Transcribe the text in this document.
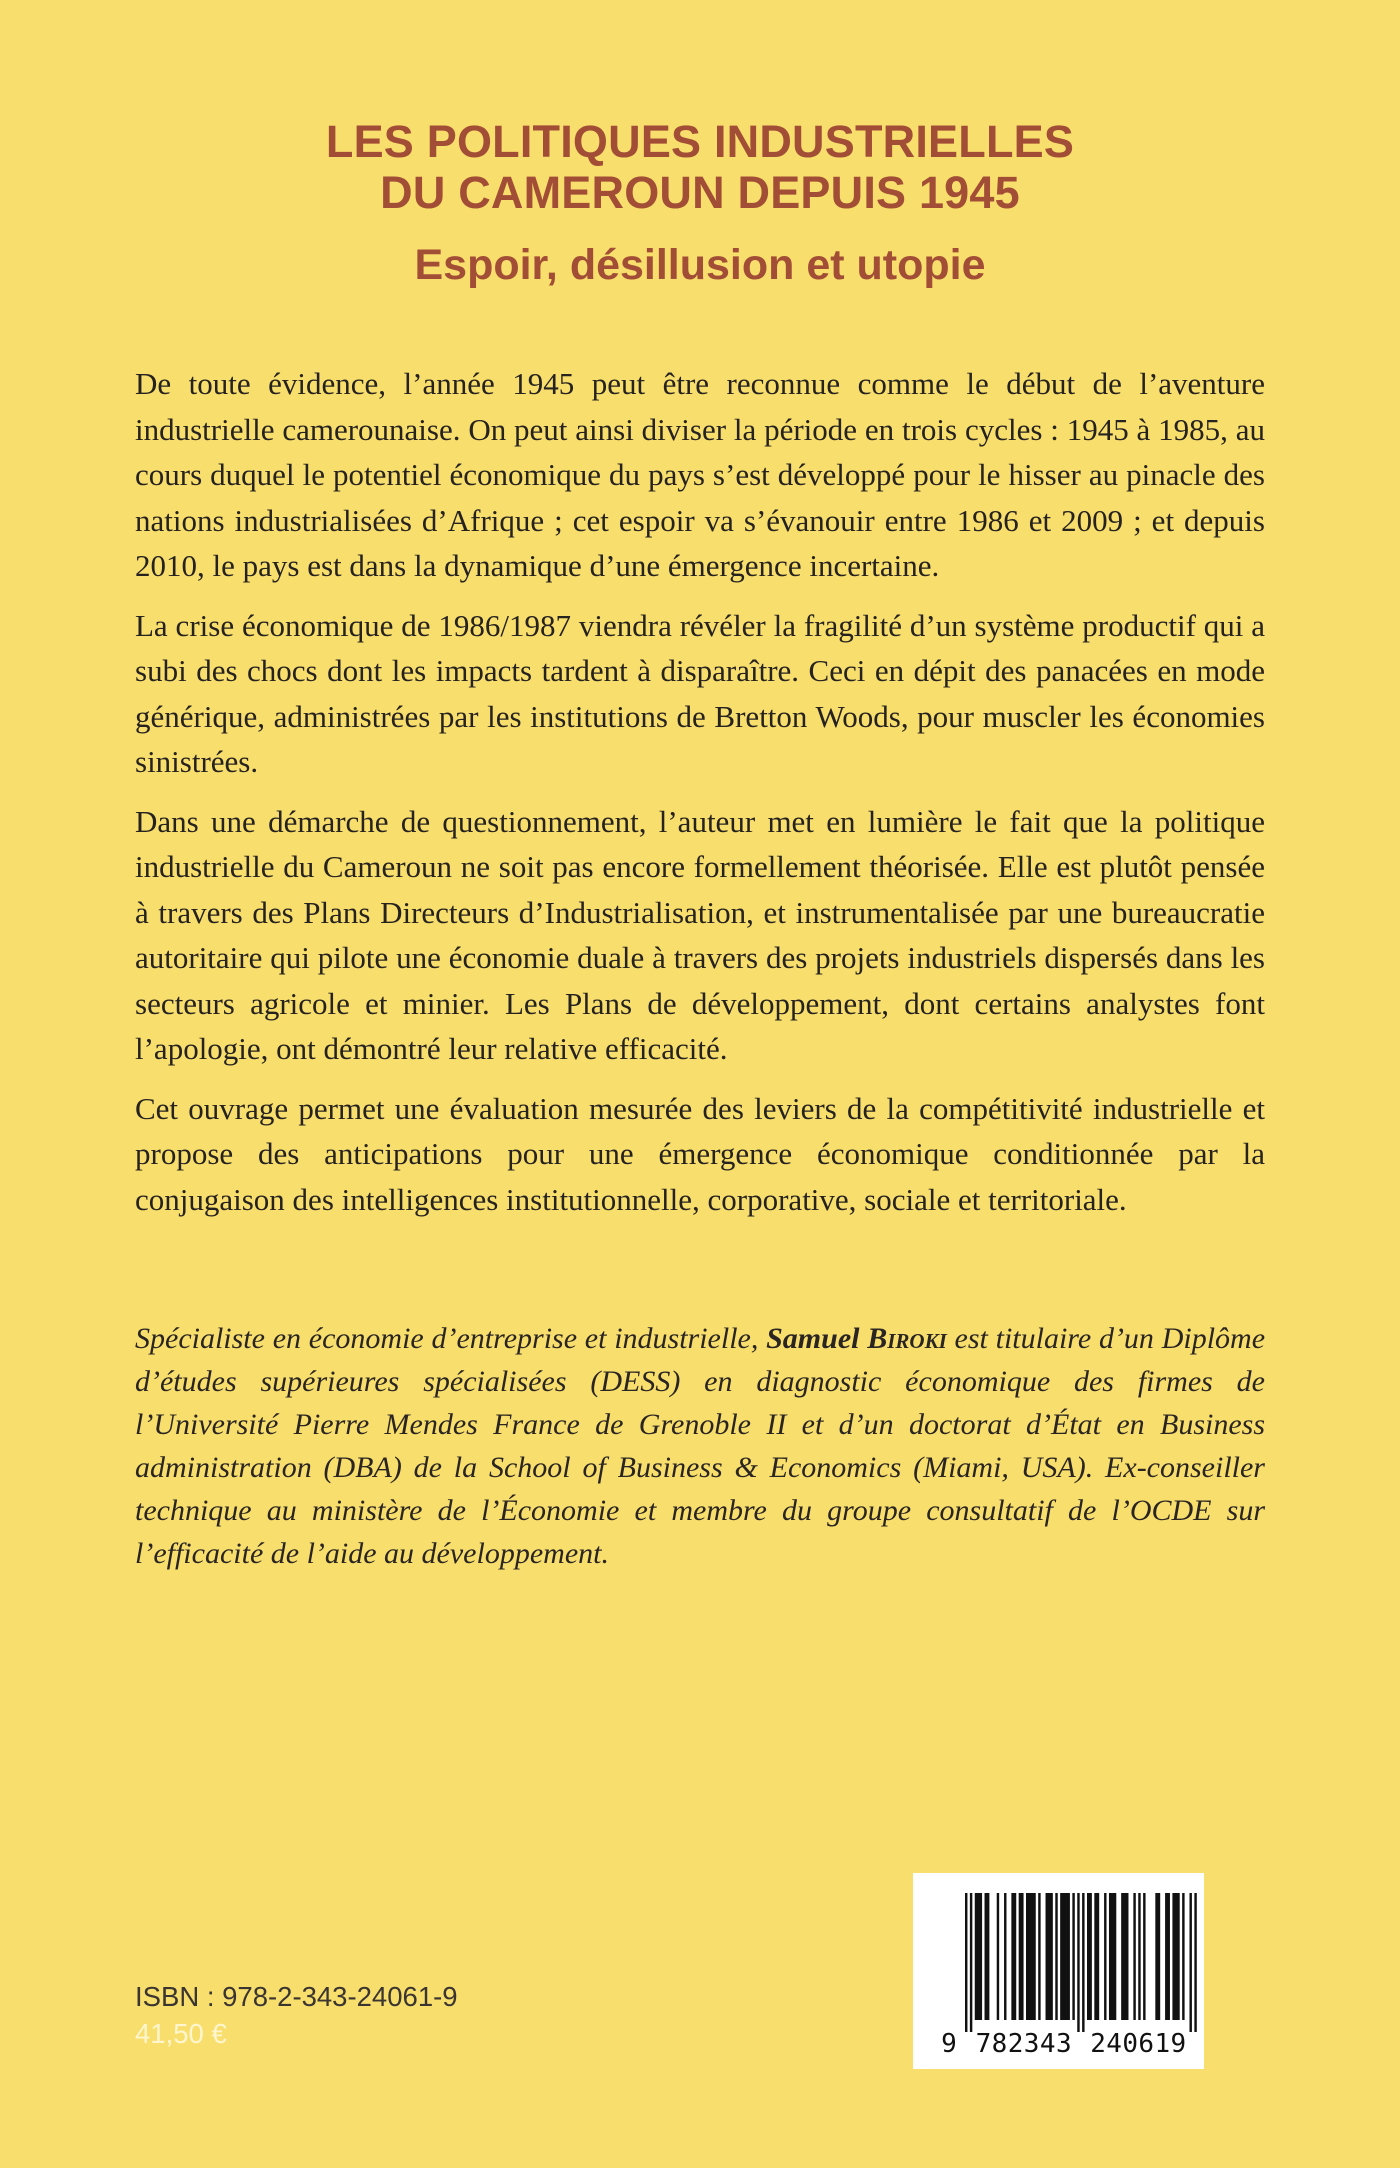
LES POLITIQUES INDUSTRIELLES
DU CAMEROUN DEPUIS 1945
Espoir, désillusion et utopie

De toute évidence, l’année 1945 peut être reconnue comme le début de l’aventure industrielle camerounaise. On peut ainsi diviser la période en trois cycles : 1945 à 1985, au cours duquel le potentiel économique du pays s’est développé pour le hisser au pinacle des nations industrialisées d’Afrique ; cet espoir va s’évanouir entre 1986 et 2009 ; et depuis 2010, le pays est dans la dynamique d’une émergence incertaine.

La crise économique de 1986/1987 viendra révéler la fragilité d’un système productif qui a subi des chocs dont les impacts tardent à disparaître. Ceci en dépit des panacées en mode générique, administrées par les institutions de Bretton Woods, pour muscler les économies sinistrées.

Dans une démarche de questionnement, l’auteur met en lumière le fait que la politique industrielle du Cameroun ne soit pas encore formellement théorisée. Elle est plutôt pensée à travers des Plans Directeurs d’Industrialisation, et instrumentalisée par une bureaucratie autoritaire qui pilote une économie duale à travers des projets industriels dispersés dans les secteurs agricole et minier. Les Plans de développement, dont certains analystes font l’apologie, ont démontré leur relative efficacité.

Cet ouvrage permet une évaluation mesurée des leviers de la compétitivité industrielle et propose des anticipations pour une émergence économique conditionnée par la conjugaison des intelligences institutionnelle, corporative, sociale et territoriale.

Spécialiste en économie d’entreprise et industrielle, Samuel Biroki est titulaire d’un Diplôme d’études supérieures spécialisées (DESS) en diagnostic économique des firmes de l’Université Pierre Mendes France de Grenoble II et d’un doctorat d’État en Business administration (DBA) de la School of Business & Economics (Miami, USA). Ex-conseiller technique au ministère de l’Économie et membre du groupe consultatif de l’OCDE sur l’efficacité de l’aide au développement.

ISBN : 978-2-343-24061-9
41,50 €	9 782343 240619
